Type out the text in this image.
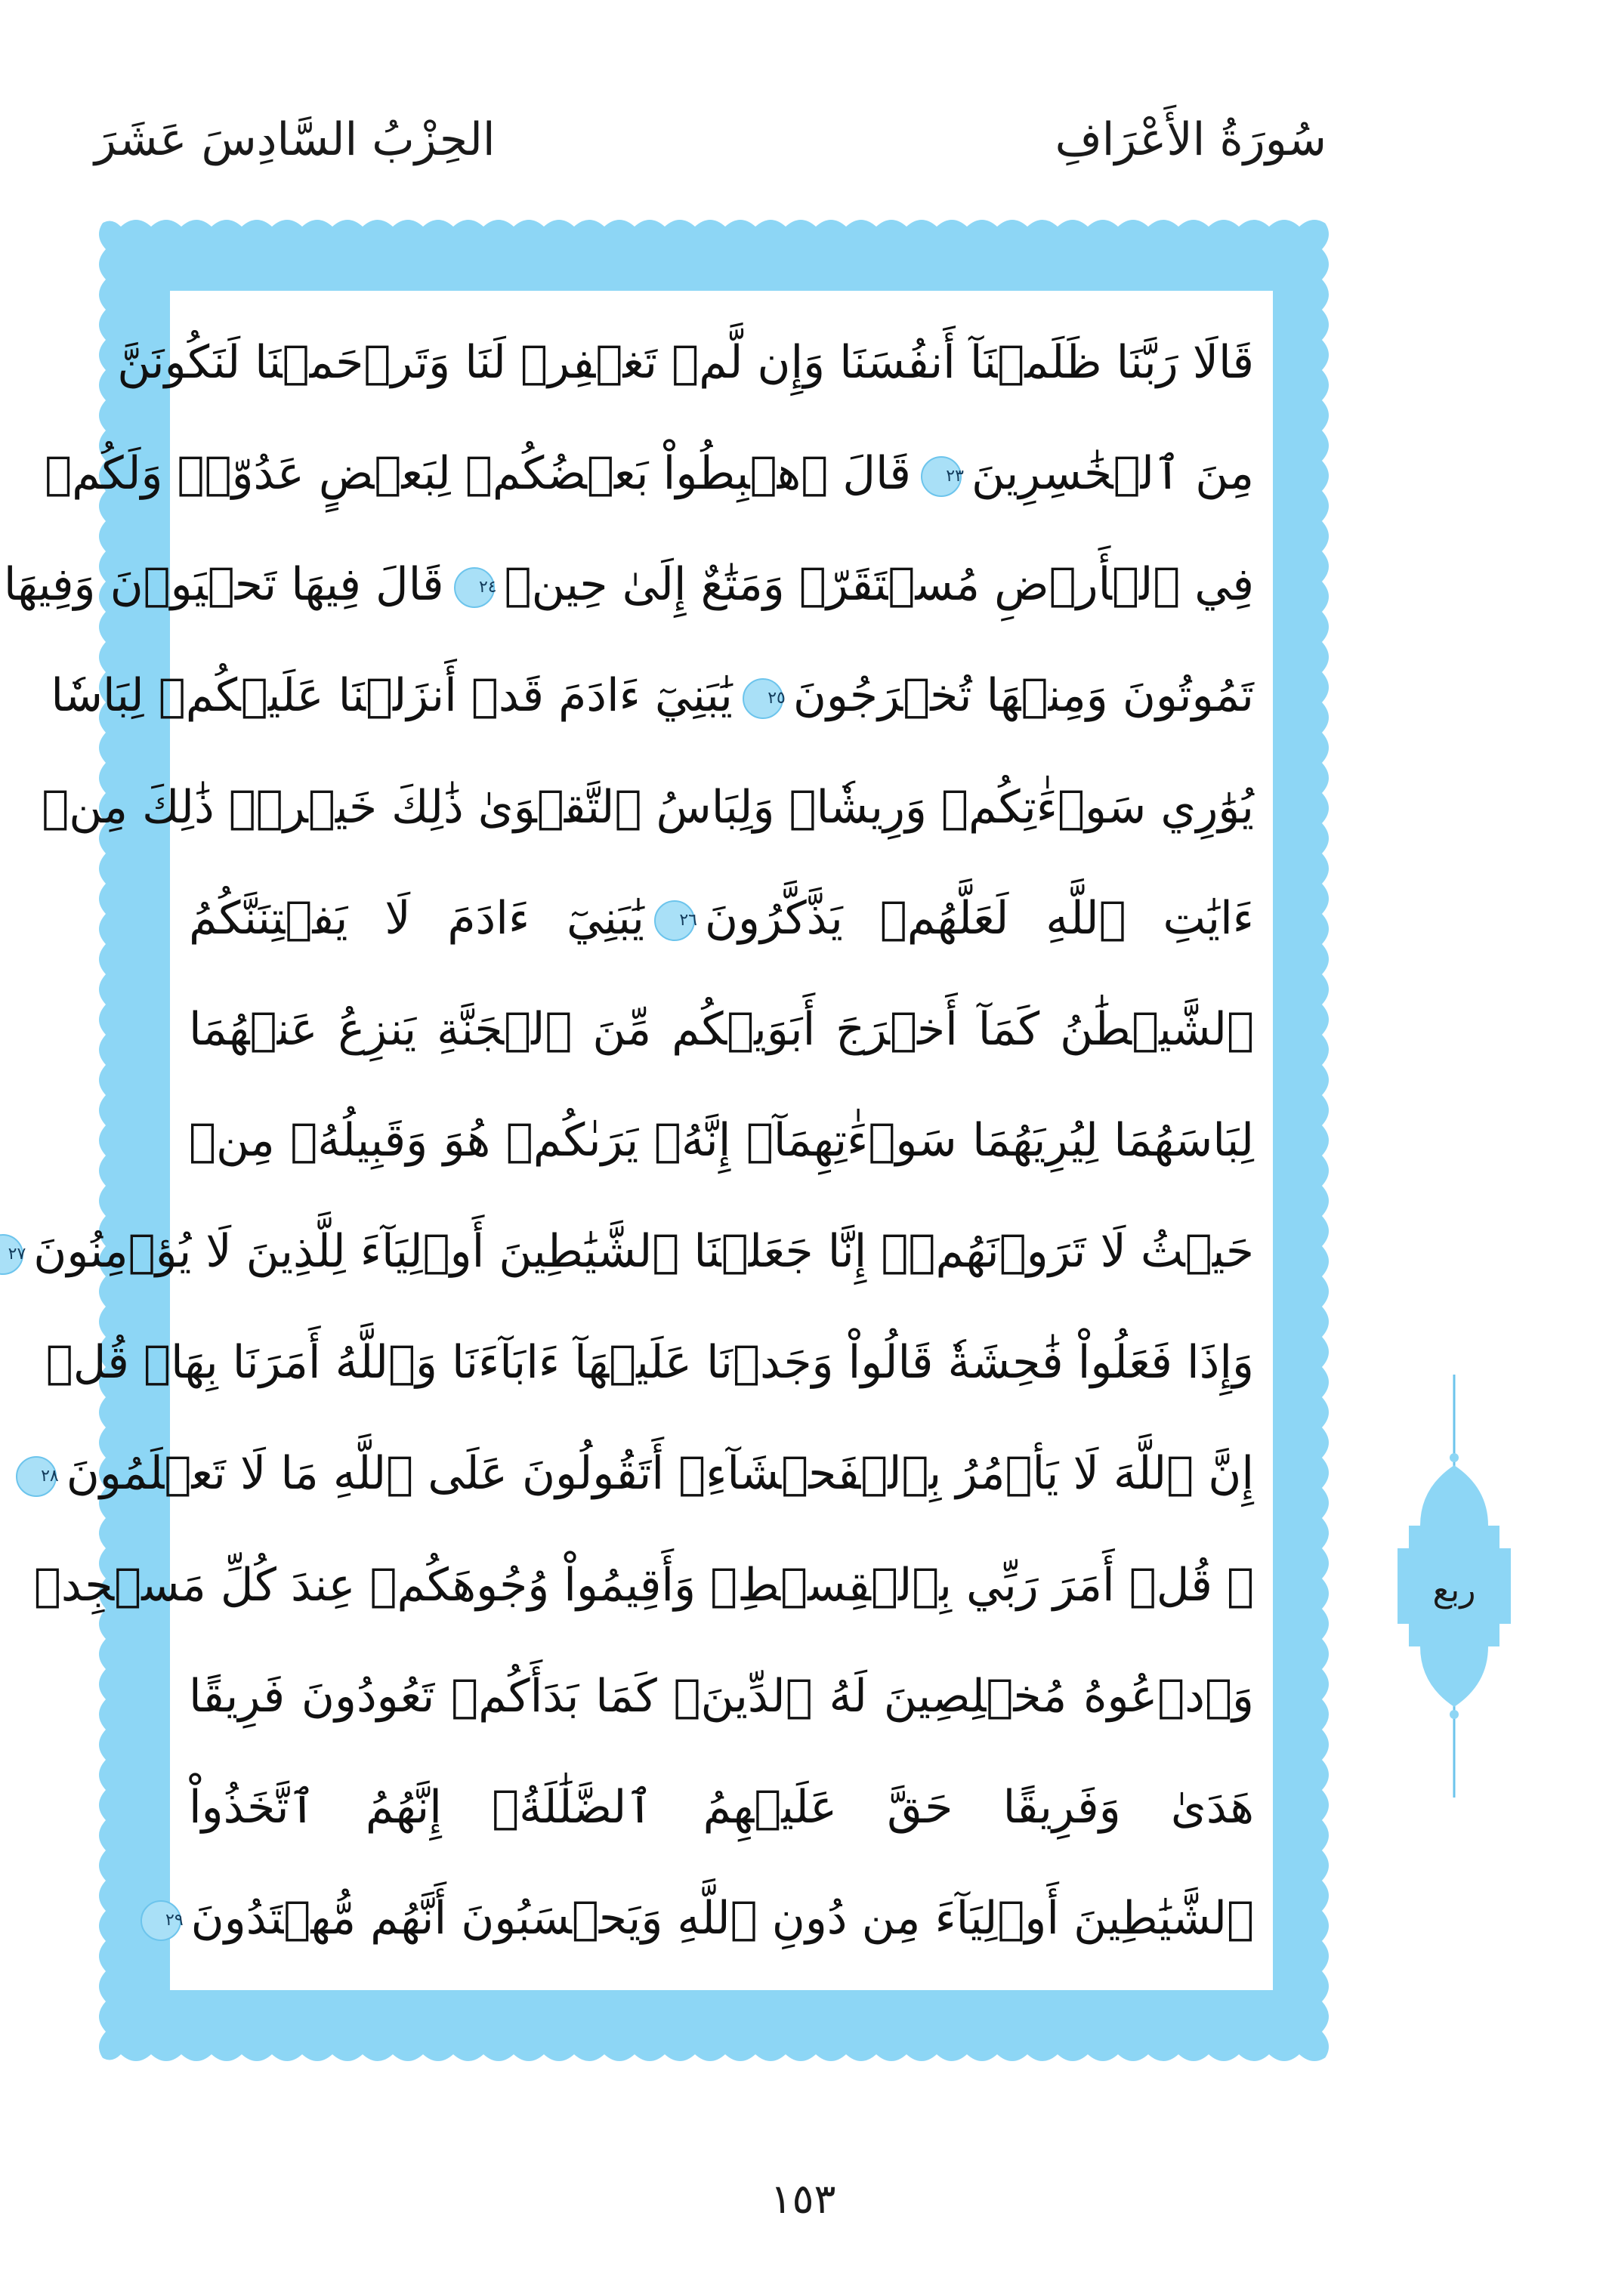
سُورَةُ الأَعْرَافِ
الحِزْبُ السَّادِسَ عَشَرَ
قَالَا رَبَّنَا ظَلَمۡنَآ أَنفُسَنَا وَإِن لَّمۡ تَغۡفِرۡ لَنَا وَتَرۡحَمۡنَا لَنَكُونَنَّ
مِنَ ٱلۡخَٰسِرِينَ
٢٣
قَالَ ٱهۡبِطُواْ بَعۡضُكُمۡ لِبَعۡضٍ عَدُوّٞۖ وَلَكُمۡ
فِي ٱلۡأَرۡضِ مُسۡتَقَرّٞ وَمَتَٰعٌ إِلَىٰ حِينٖ
٢٤
قَالَ فِيهَا تَحۡيَوۡنَ وَفِيهَا
تَمُوتُونَ وَمِنۡهَا تُخۡرَجُونَ
٢٥
يَٰبَنِيٓ ءَادَمَ قَدۡ أَنزَلۡنَا عَلَيۡكُمۡ لِبَاسٗا
يُوَٰرِي سَوۡءَٰتِكُمۡ وَرِيشٗاۖ وَلِبَاسُ ٱلتَّقۡوَىٰ ذَٰلِكَ خَيۡرٞۚ ذَٰلِكَ مِنۡ
ءَايَٰتِ ٱللَّهِ لَعَلَّهُمۡ يَذَّكَّرُونَ
٢٦
يَٰبَنِيٓ ءَادَمَ لَا يَفۡتِنَنَّكُمُ
ٱلشَّيۡطَٰنُ كَمَآ أَخۡرَجَ أَبَوَيۡكُم مِّنَ ٱلۡجَنَّةِ يَنزِعُ عَنۡهُمَا
لِبَاسَهُمَا لِيُرِيَهُمَا سَوۡءَٰتِهِمَآۚ إِنَّهُۥ يَرَىٰكُمۡ هُوَ وَقَبِيلُهُۥ مِنۡ
حَيۡثُ لَا تَرَوۡنَهُمۡۗ إِنَّا جَعَلۡنَا ٱلشَّيَٰطِينَ أَوۡلِيَآءَ لِلَّذِينَ لَا يُؤۡمِنُونَ
٢٧
وَإِذَا فَعَلُواْ فَٰحِشَةٗ قَالُواْ وَجَدۡنَا عَلَيۡهَآ ءَابَآءَنَا وَٱللَّهُ أَمَرَنَا بِهَاۗ قُلۡ
إِنَّ ٱللَّهَ لَا يَأۡمُرُ بِٱلۡفَحۡشَآءِۖ أَتَقُولُونَ عَلَى ٱللَّهِ مَا لَا تَعۡلَمُونَ
٢٨
۞ قُلۡ أَمَرَ رَبِّي بِٱلۡقِسۡطِۖ وَأَقِيمُواْ وُجُوهَكُمۡ عِندَ كُلِّ مَسۡجِدٖ
وَٱدۡعُوهُ مُخۡلِصِينَ لَهُ ٱلدِّينَۚ كَمَا بَدَأَكُمۡ تَعُودُونَ فَرِيقًا
هَدَىٰ وَفَرِيقًا حَقَّ عَلَيۡهِمُ ٱلضَّلَٰلَةُۚ إِنَّهُمُ ٱتَّخَذُواْ
ٱلشَّيَٰطِينَ أَوۡلِيَآءَ مِن دُونِ ٱللَّهِ وَيَحۡسَبُونَ أَنَّهُم مُّهۡتَدُونَ
٢٩
ربع
١٥٣
